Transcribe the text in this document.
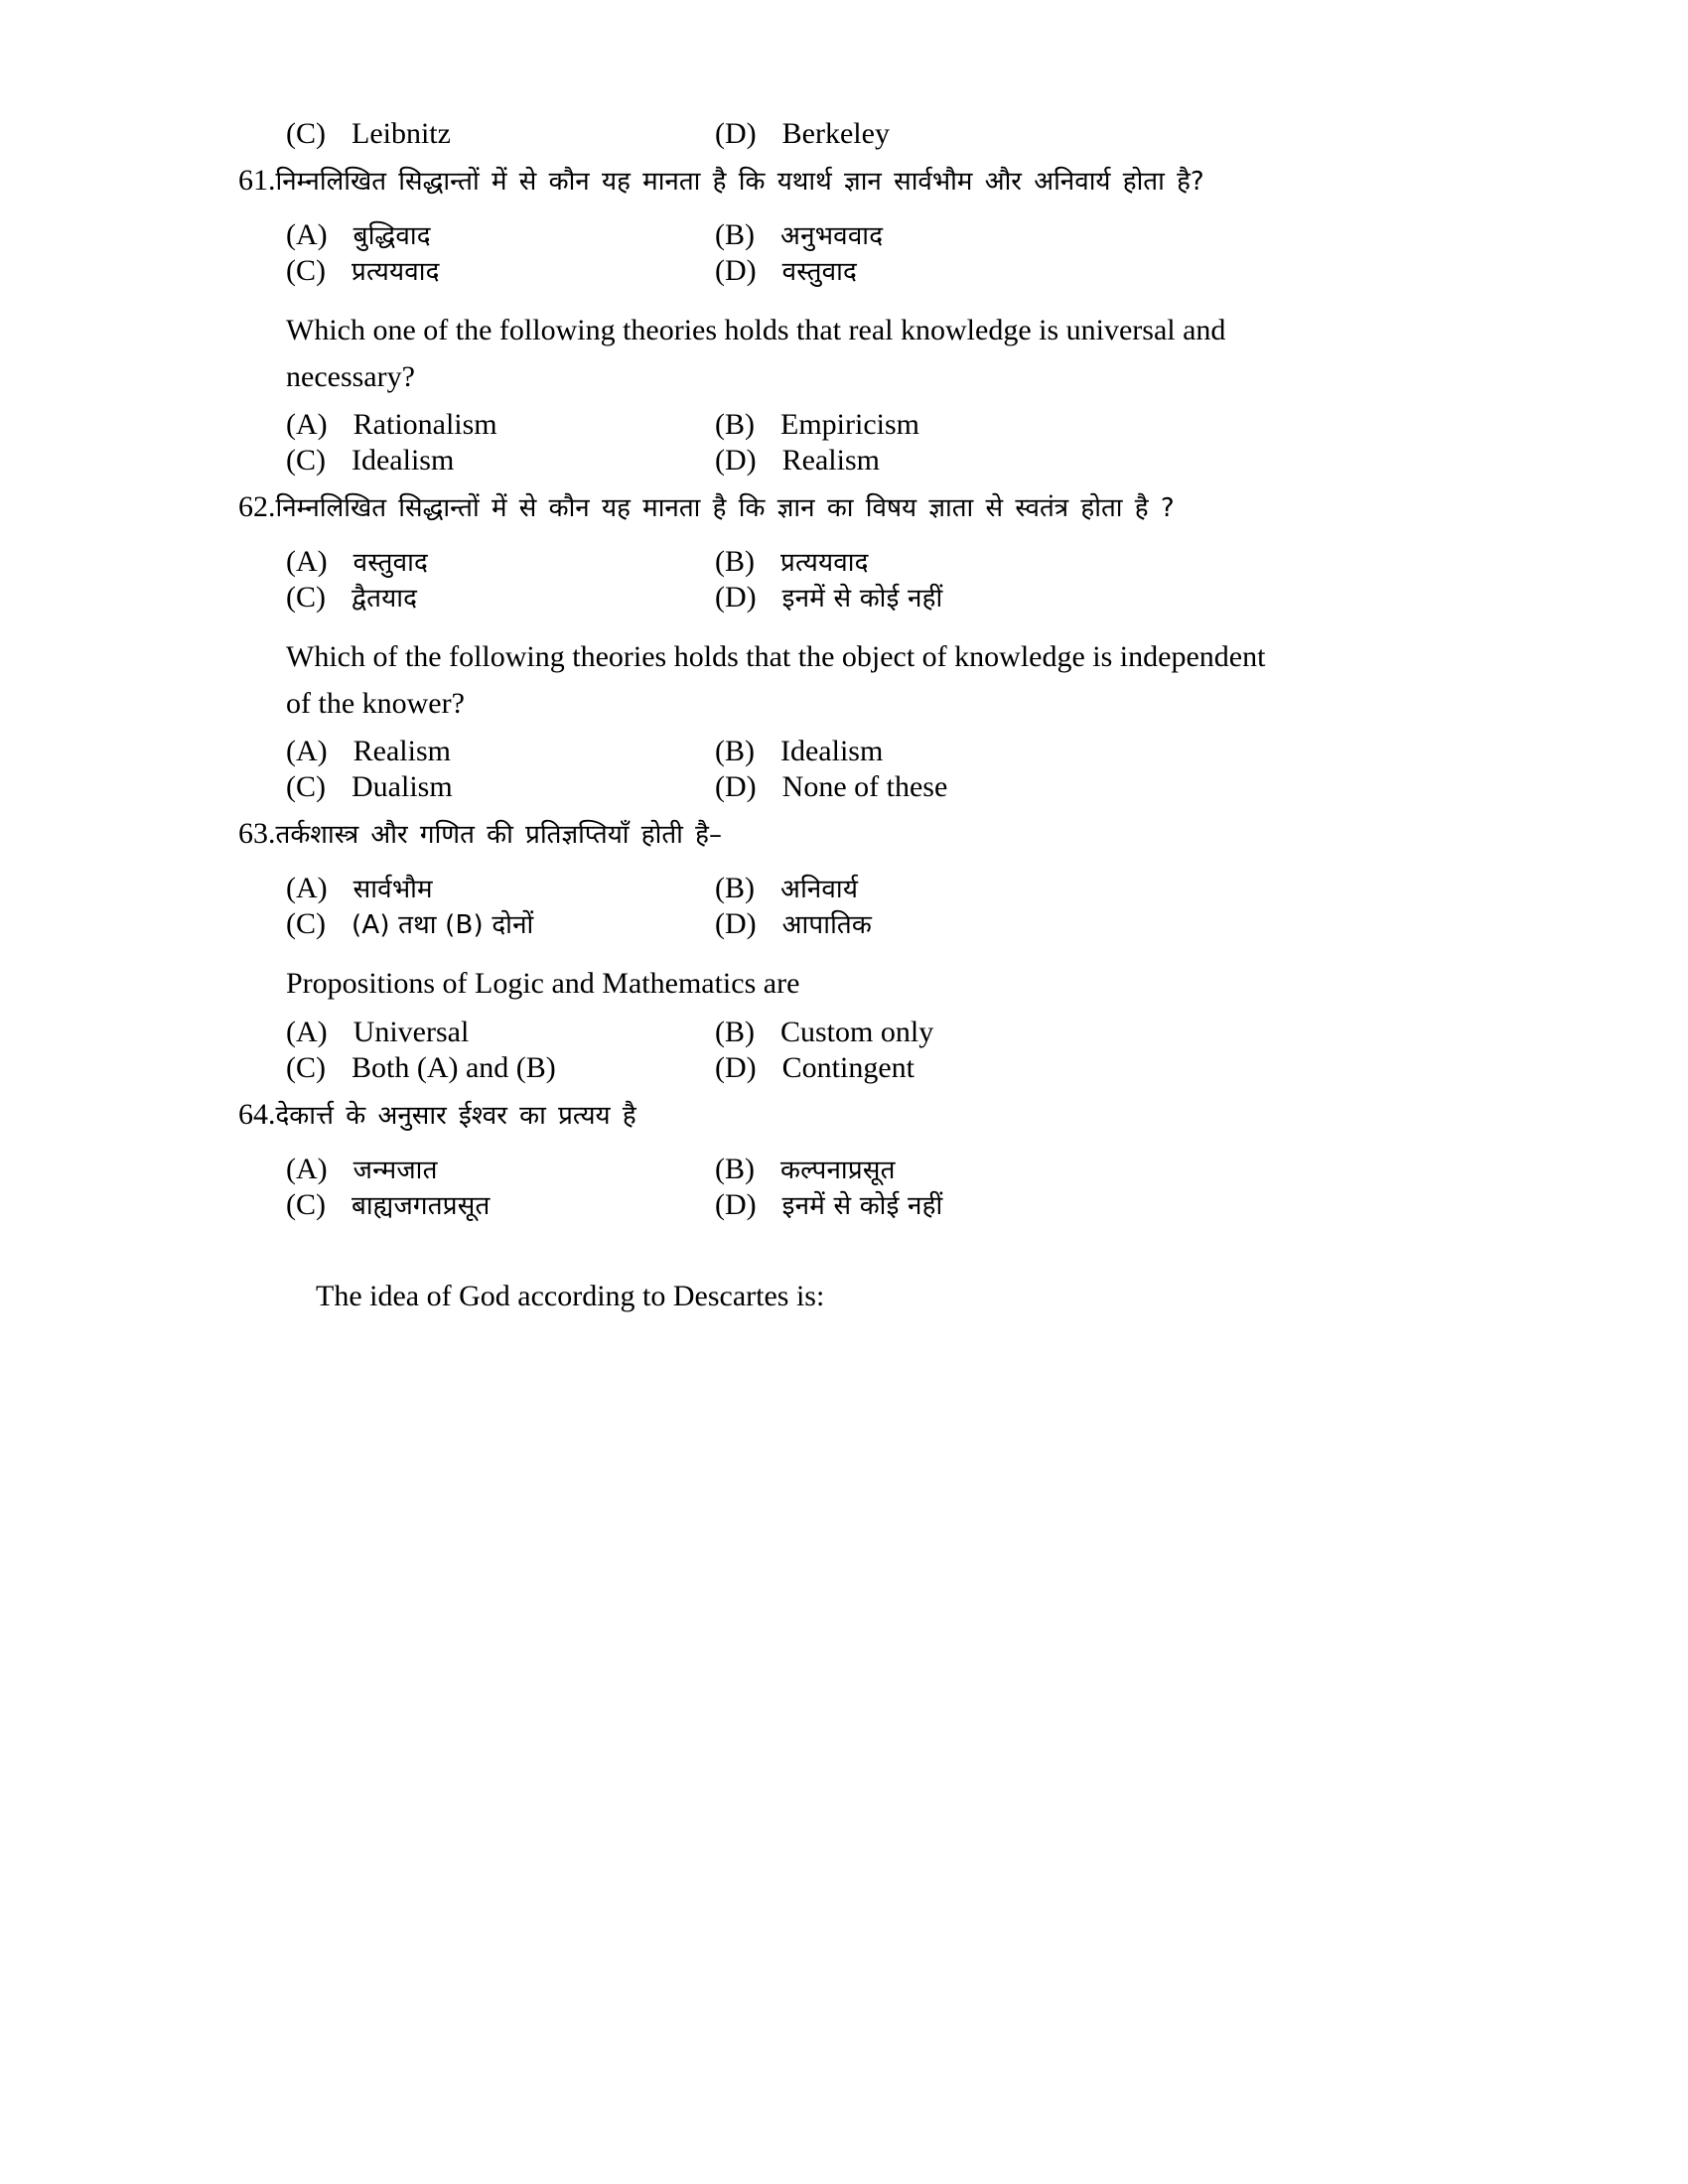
(C) Leibnitz	(D) Berkeley
61. निम्नलिखित सिद्धान्तों में से कौन यह मानता है कि यथार्थ ज्ञान सार्वभौम और अनिवार्य होता है?
(A)	बुद्धिवाद	(B)	अनुभववाद
(C)	प्रत्ययवाद	(D)	वस्तुवाद
Which one of the following theories holds that real knowledge is universal and necessary?
(A) Rationalism	(B) Empiricism
(C) Idealism	(D) Realism
62. निम्नलिखित सिद्धान्तों में से कौन यह मानता है कि ज्ञान का विषय ज्ञाता से स्वतंत्र होता है ?
(A)	वस्तुवाद	(B)	प्रत्ययवाद
(C)	द्वैतयाद	(D)	इनमें से कोई नहीं
Which of the following theories holds that the object of knowledge is independent of the knower?
(A) Realism	(B) Idealism
(C) Dualism	(D) None of these
63. तर्कशास्त्र और गणित की प्रतिज्ञप्तियाँ होती है–
(A)	सार्वभौम	(B)	अनिवार्य
(C)	(A) तथा (B) दोनों	(D)	आपातिक
Propositions of Logic and Mathematics are
(A) Universal	(B) Custom only
(C) Both (A) and (B)	(D) Contingent
64. देकार्त्त के अनुसार ईश्वर का प्रत्यय है
(A)	जन्मजात	(B)	कल्पनाप्रसूत
(C)	बाह्यजगतप्रसूत	(D)	इनमें से कोई नहीं
The idea of God according to Descartes is:
